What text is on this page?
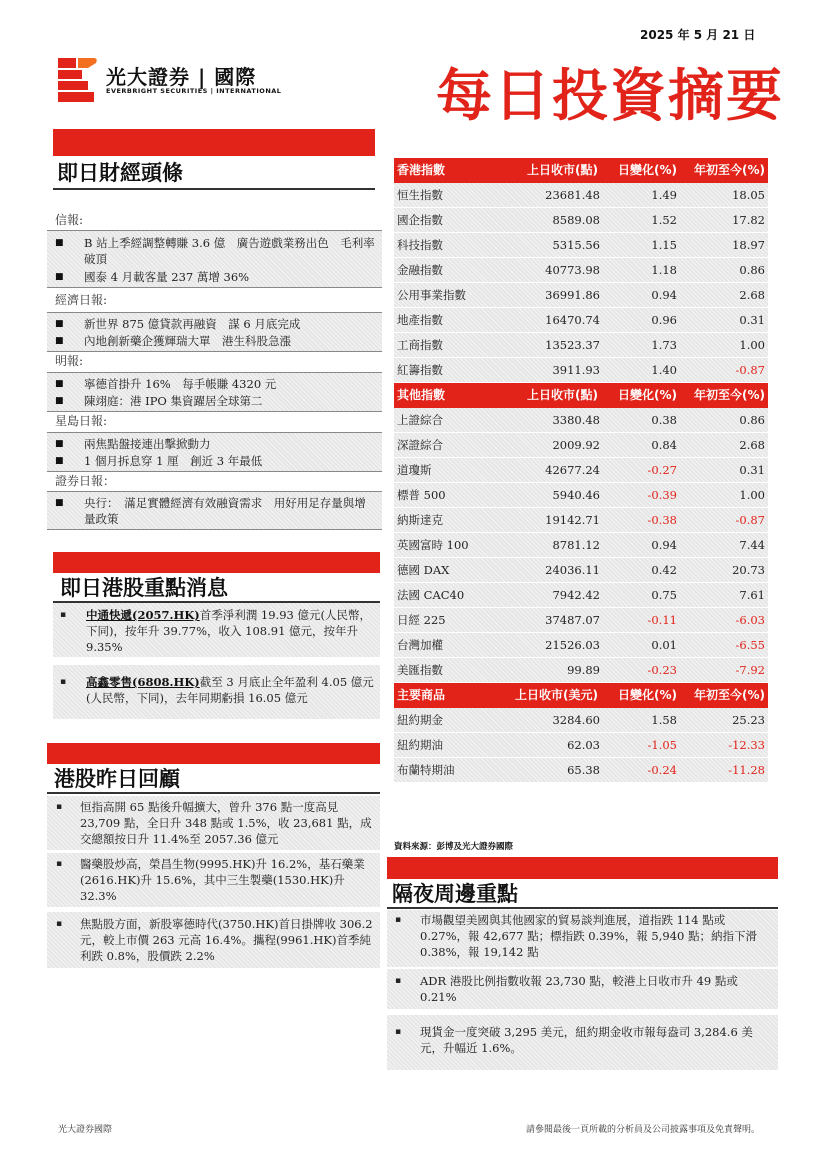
2025 年 5 月 21 日
光大證券 | 國際
EVERBRIGHT SECURITIES | INTERNATIONAL	每日投資摘要
即日財經頭條
信報:
■ B 站上季經調整轉賺 3.6 億　廣告遊戲業務出色　毛利率破頂
■ 國泰 4 月載客量 237 萬增 36%
經濟日報:
■ 新世界 875 億貸款再融資　謀 6 月底完成
■ 內地創新藥企獲輝瑞大單　港生科股急漲
明報:
■ 寧德首掛升 16%　每手帳賺 4320 元
■ 陳翊庭：港 IPO 集資躍居全球第二
星島日報:
■ 兩焦點盤接連出擊掀動力
■ 1 個月拆息穿 1 厘　創近 3 年最低
證券日報：
■ 央行：　滿足實體經濟有效融資需求　用好用足存量與增量政策
即日港股重點消息
▪ 中通快遞(2057.HK)首季淨利潤 19.93 億元(人民幣，下同)，按年升 39.77%，收入 108.91 億元，按年升 9.35%
▪ 高鑫零售(6808.HK)截至 3 月底止全年盈利 4.05 億元(人民幣，下同)，去年同期虧損 16.05 億元
港股昨日回顧
▪ 恒指高開 65 點後升幅擴大，曾升 376 點一度高見 23,709 點，全日升 348 點或 1.5%，收 23,681 點，成交總額按日升 11.4%至 2057.36 億元
▪ 醫藥股炒高，榮昌生物(9995.HK)升 16.2%，基石藥業(2616.HK)升 15.6%，其中三生製藥(1530.HK)升 32.3%
▪ 焦點股方面，新股寧德時代(3750.HK)首日掛牌收 306.2 元，較上市價 263 元高 16.4%。攜程(9961.HK)首季純利跌 0.8%，股價跌 2.2%
香港指數	上日收市(點) 日變化(%) 年初至今(%)
恒生指數	23681.48	1.49	18.05
國企指數	8589.08	1.52	17.82
科技指數	5315.56	1.15	18.97
金融指數	40773.98	1.18	0.86
公用事業指數	36991.86	0.94	2.68
地產指數	16470.74	0.96	0.31
工商指數	13523.37	1.73	1.00
紅籌指數	3911.93	1.40	-0.87
其他指數	上日收市(點) 日變化(%) 年初至今(%)
上證綜合	3380.48	0.38	0.86
深證綜合	2009.92	0.84	2.68
道瓊斯	42677.24	-0.27	0.31
標普 500	5940.46	-0.39	1.00
納斯達克	19142.71	-0.38	-0.87
英國富時 100	8781.12	0.94	7.44
德國 DAX	24036.11	0.42	20.73
法國 CAC40	7942.42	0.75	7.61
日經 225	37487.07	-0.11	-6.03
台灣加權	21526.03	0.01	-6.55
美匯指數	99.89	-0.23	-7.92
主要商品	上日收市(美元) 日變化(%) 年初至今(%)
紐約期金	3284.60	1.58	25.23
紐約期油	62.03	-1.05	-12.33
布蘭特期油	65.38	-0.24	-11.28
資料來源：彭博及光大證券國際
隔夜周邊重點
▪ 市場觀望美國與其他國家的貿易談判進展，道指跌 114 點或 0.27%，報 42,677 點；標指跌 0.39%，報 5,940 點；納指下滑 0.38%，報 19,142 點
▪ ADR 港股比例指數收報 23,730 點，較港上日收市升 49 點或 0.21%
▪ 現貨金一度突破 3,295 美元，紐約期金收市報每盎司 3,284.6 美元，升幅近 1.6%。
光大證券國際	請參閱最後一頁所載的分析員及公司披露事項及免責聲明。
